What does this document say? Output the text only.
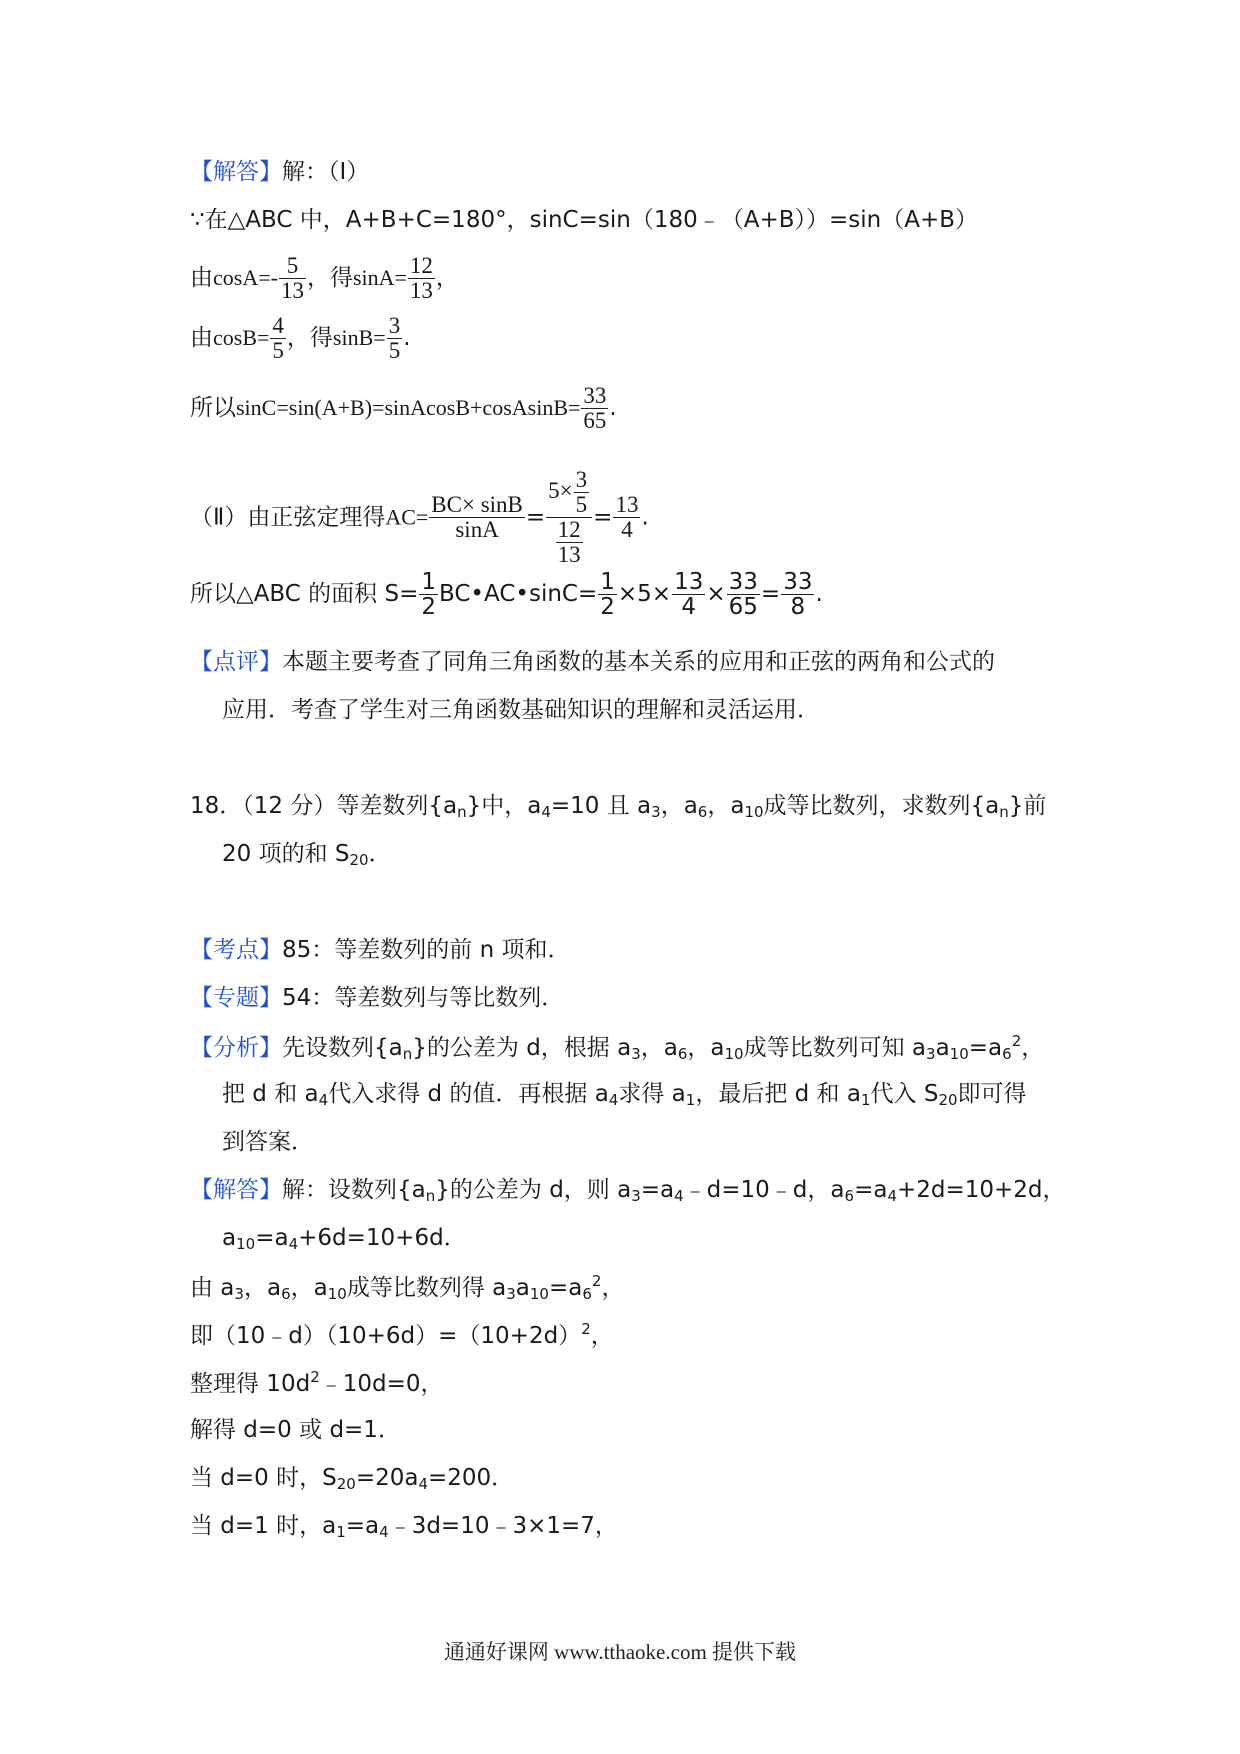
【解答】解：（Ⅰ）
∵在△ABC 中，A+B+C=180°，sinC=sin（180﹣（A+B））=sin（A+B）
由$\cos A=- \frac{5}{13}$ ，得$\sin A= \frac{12}{13}$ ，
由$\cos B= \frac{4}{5}$ ，得$\sin B= \frac{3}{5}$ .
所以sinC=sin(A+B)=sinAcosB+cosAsinB= $\frac{33}{65}$ .
（Ⅱ）由正弦定理得$AC= \frac{BC\times \sin B}{\sin A} = \frac{5\times \frac{3}{5}}{\frac{12}{13}} = \frac{13}{4}$ .
所以△ABC 的面积 $S= \frac{1}{2}$ BC•AC•sinC= $\frac{1}{2} \times 5\times \frac{13}{4} \times \frac{33}{65} = \frac{33}{8}$ .
【点评】本题主要考查了同角三角函数的基本关系的应用和正弦的两角和公式的
应用．考查了学生对三角函数基础知识的理解和灵活运用．
18．（12 分）等差数列$\{a_n\}$中，$a_4=10$ 且 $a_3$，$a_6$，$a_{10}$成等比数列，求数列$\{a_n\}$前
20 项的和 $S_{20}$．
【考点】85：等差数列的前 n 项和．
【专题】54：等差数列与等比数列．
【分析】先设数列$\{a_n\}$的公差为 d，根据 $a_3$，$a_6$，$a_{10}$成等比数列可知 $a_3a_{10}=a_6^2$，
把 d 和 $a_4$代入求得 d 的值．再根据 $a_4$求得 $a_1$，最后把 d 和 $a_1$代入 $S_{20}$即可得
到答案．
【解答】解：设数列$\{a_n\}$的公差为 d，则 $a_3=a_4﹣d=10﹣d$，$a_6=a_4+2d=10+2d$，
$a_{10}=a_4+6d=10+6d$．
由 $a_3$，$a_6$，$a_{10}$成等比数列得 $a_3a_{10}=a_6^2$，
即$(10﹣d)(10+6d)=(10+2d)^2$，
整理得 $10d^2﹣10d=0$，
解得 d=0 或 d=1．
当 d=0 时，$S_{20}=20a_4=200$．
当 d=1 时，$a_1=a_4﹣3d=10﹣3\times 1=7$，
通通好课网 www.tthaoke.com 提供下载
